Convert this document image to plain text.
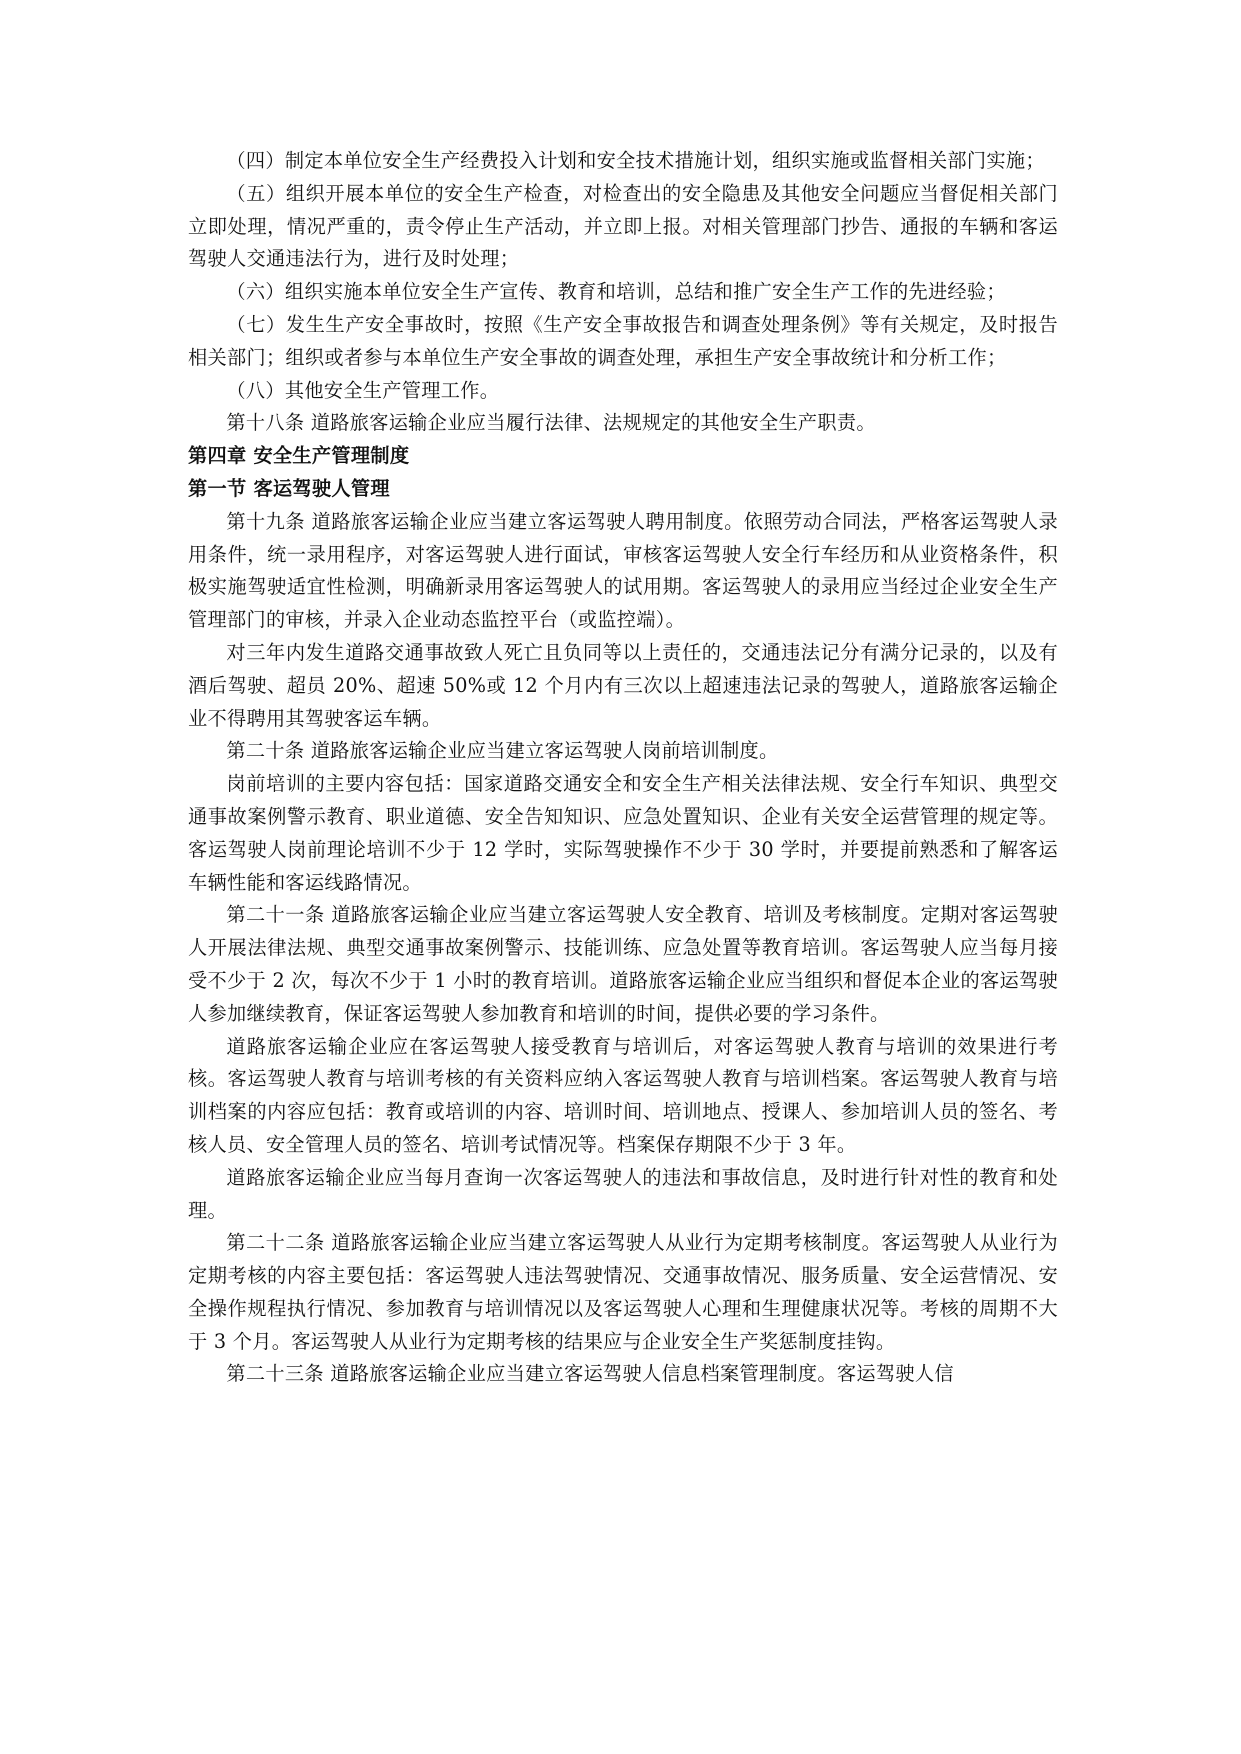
（四）制定本单位安全生产经费投入计划和安全技术措施计划，组织实施或监督相关部门实施；

（五）组织开展本单位的安全生产检查，对检查出的安全隐患及其他安全问题应当督促相关部门立即处理，情况严重的，责令停止生产活动，并立即上报。对相关管理部门抄告、通报的车辆和客运驾驶人交通违法行为，进行及时处理；

（六）组织实施本单位安全生产宣传、教育和培训，总结和推广安全生产工作的先进经验；

（七）发生生产安全事故时，按照《生产安全事故报告和调查处理条例》等有关规定，及时报告相关部门；组织或者参与本单位生产安全事故的调查处理，承担生产安全事故统计和分析工作；

（八）其他安全生产管理工作。

第十八条 道路旅客运输企业应当履行法律、法规规定的其他安全生产职责。

第四章 安全生产管理制度
第一节 客运驾驶人管理

第十九条 道路旅客运输企业应当建立客运驾驶人聘用制度。依照劳动合同法，严格客运驾驶人录用条件，统一录用程序，对客运驾驶人进行面试，审核客运驾驶人安全行车经历和从业资格条件，积极实施驾驶适宜性检测，明确新录用客运驾驶人的试用期。客运驾驶人的录用应当经过企业安全生产管理部门的审核，并录入企业动态监控平台（或监控端）。

对三年内发生道路交通事故致人死亡且负同等以上责任的，交通违法记分有满分记录的，以及有酒后驾驶、超员 20%、超速 50%或 12 个月内有三次以上超速违法记录的驾驶人，道路旅客运输企业不得聘用其驾驶客运车辆。

第二十条 道路旅客运输企业应当建立客运驾驶人岗前培训制度。

岗前培训的主要内容包括：国家道路交通安全和安全生产相关法律法规、安全行车知识、典型交通事故案例警示教育、职业道德、安全告知知识、应急处置知识、企业有关安全运营管理的规定等。客运驾驶人岗前理论培训不少于 12 学时，实际驾驶操作不少于 30 学时，并要提前熟悉和了解客运车辆性能和客运线路情况。

第二十一条 道路旅客运输企业应当建立客运驾驶人安全教育、培训及考核制度。定期对客运驾驶人开展法律法规、典型交通事故案例警示、技能训练、应急处置等教育培训。客运驾驶人应当每月接受不少于 2 次，每次不少于 1 小时的教育培训。道路旅客运输企业应当组织和督促本企业的客运驾驶人参加继续教育，保证客运驾驶人参加教育和培训的时间，提供必要的学习条件。

道路旅客运输企业应在客运驾驶人接受教育与培训后，对客运驾驶人教育与培训的效果进行考核。客运驾驶人教育与培训考核的有关资料应纳入客运驾驶人教育与培训档案。客运驾驶人教育与培训档案的内容应包括：教育或培训的内容、培训时间、培训地点、授课人、参加培训人员的签名、考核人员、安全管理人员的签名、培训考试情况等。档案保存期限不少于 3 年。

道路旅客运输企业应当每月查询一次客运驾驶人的违法和事故信息，及时进行针对性的教育和处理。

第二十二条 道路旅客运输企业应当建立客运驾驶人从业行为定期考核制度。客运驾驶人从业行为定期考核的内容主要包括：客运驾驶人违法驾驶情况、交通事故情况、服务质量、安全运营情况、安全操作规程执行情况、参加教育与培训情况以及客运驾驶人心理和生理健康状况等。考核的周期不大于 3 个月。客运驾驶人从业行为定期考核的结果应与企业安全生产奖惩制度挂钩。

第二十三条 道路旅客运输企业应当建立客运驾驶人信息档案管理制度。客运驾驶人信
